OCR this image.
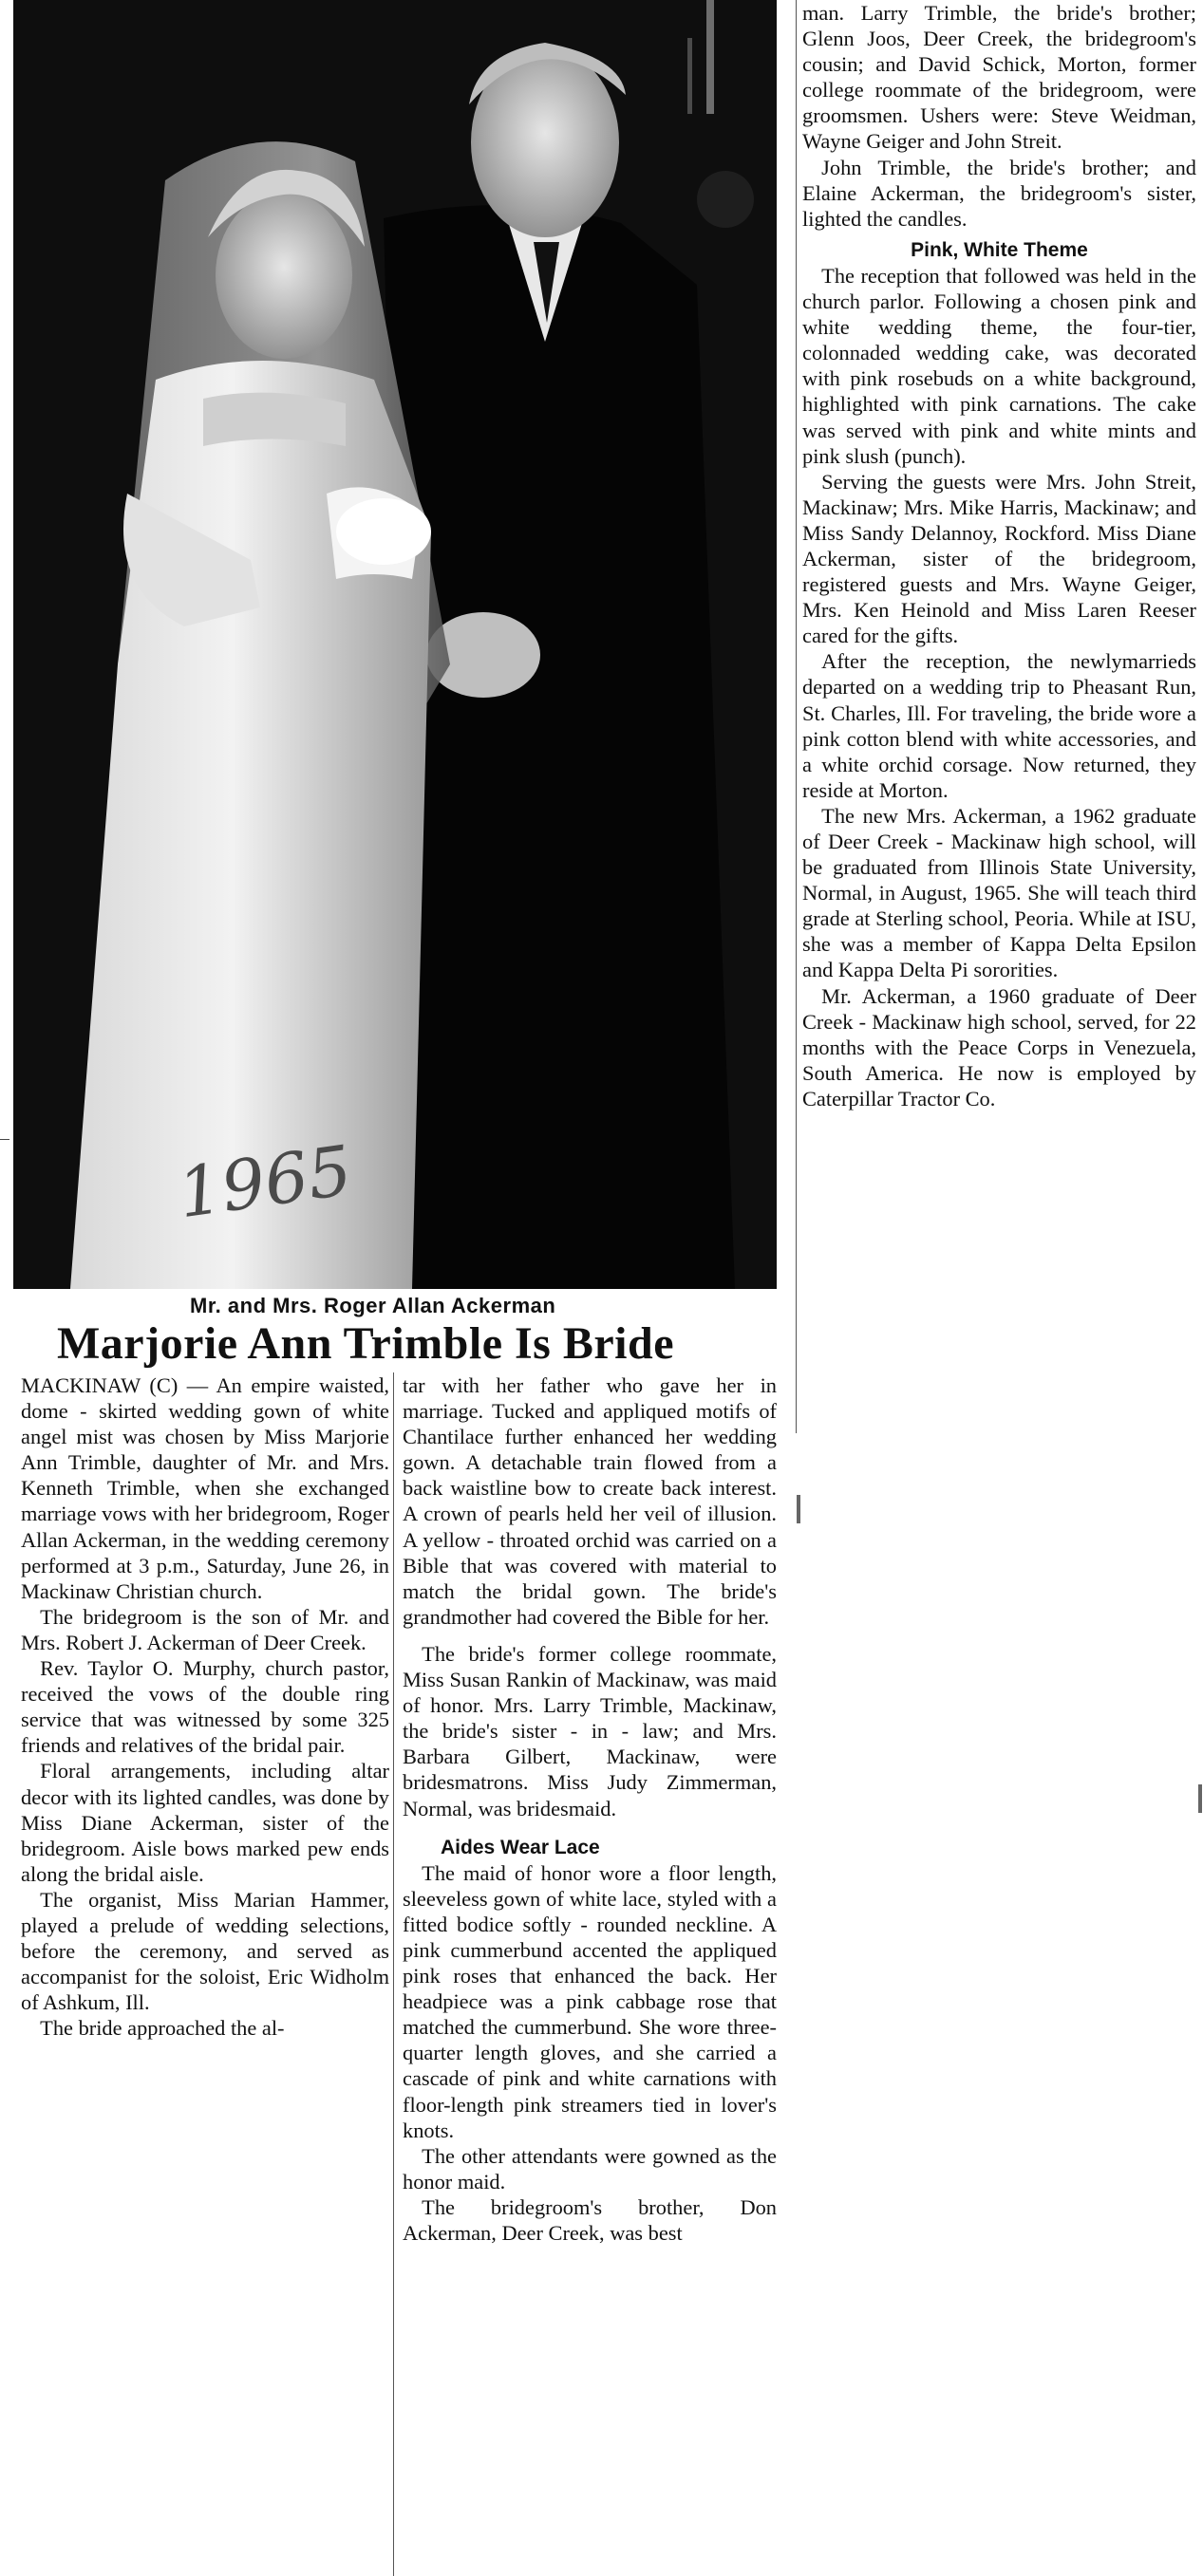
1965
Mr. and Mrs. Roger Allan Ackerman
Marjorie Ann Trimble Is Bride

MACKINAW (C) — An empire waisted, dome - skirted wedding gown of white angel mist was chosen by Miss Marjorie Ann Trimble, daughter of Mr. and Mrs. Kenneth Trimble, when she exchanged marriage vows with her bridegroom, Roger Allan Ackerman, in the wedding ceremony performed at 3 p.m., Saturday, June 26, in Mackinaw Christian church.

The bridegroom is the son of Mr. and Mrs. Robert J. Ackerman of Deer Creek.

Rev. Taylor O. Murphy, church pastor, received the vows of the double ring service that was witnessed by some 325 friends and relatives of the bridal pair.

Floral arrangements, including altar decor with its lighted candles, was done by Miss Diane Ackerman, sister of the bridegroom. Aisle bows marked pew ends along the bridal aisle.

The organist, Miss Marian Hammer, played a prelude of wedding selections, before the ceremony, and served as accompanist for the soloist, Eric Widholm of Ashkum, Ill.

The bride approached the al-

tar with her father who gave her in marriage. Tucked and appliqued motifs of Chantilace further enhanced her wedding gown. A detachable train flowed from a back waistline bow to create back interest. A crown of pearls held her veil of illusion. A yellow - throated orchid was carried on a Bible that was covered with material to match the bridal gown. The bride's grandmother had covered the Bible for her.

The bride's former college roommate, Miss Susan Rankin of Mackinaw, was maid of honor. Mrs. Larry Trimble, Mackinaw, the bride's sister - in - law; and Mrs. Barbara Gilbert, Mackinaw, were bridesmatrons. Miss Judy Zimmerman, Normal, was bridesmaid.

Aides Wear Lace

The maid of honor wore a floor length, sleeveless gown of white lace, styled with a fitted bodice softly - rounded neckline. A pink cummerbund accented the appliqued pink roses that enhanced the back. Her headpiece was a pink cabbage rose that matched the cummerbund. She wore three-quarter length gloves, and she carried a cascade of pink and white carnations with floor-length pink streamers tied in lover's knots.

The other attendants were gowned as the honor maid.

The bridegroom's brother, Don Ackerman, Deer Creek, was best

man. Larry Trimble, the bride's brother; Glenn Joos, Deer Creek, the bridegroom's cousin; and David Schick, Morton, former college roommate of the bridegroom, were groomsmen. Ushers were: Steve Weidman, Wayne Geiger and John Streit.

John Trimble, the bride's brother; and Elaine Ackerman, the bridegroom's sister, lighted the candles.

Pink, White Theme

The reception that followed was held in the church parlor. Following a chosen pink and white wedding theme, the four-tier, colonnaded wedding cake, was decorated with pink rosebuds on a white background, highlighted with pink carnations. The cake was served with pink and white mints and pink slush (punch).

Serving the guests were Mrs. John Streit, Mackinaw; Mrs. Mike Harris, Mackinaw; and Miss Sandy Delannoy, Rockford. Miss Diane Ackerman, sister of the bridegroom, registered guests and Mrs. Wayne Geiger, Mrs. Ken Heinold and Miss Laren Reeser cared for the gifts.

After the reception, the newlymarrieds departed on a wedding trip to Pheasant Run, St. Charles, Ill. For traveling, the bride wore a pink cotton blend with white accessories, and a white orchid corsage. Now returned, they reside at Morton.

The new Mrs. Ackerman, a 1962 graduate of Deer Creek - Mackinaw high school, will be graduated from Illinois State University, Normal, in August, 1965. She will teach third grade at Sterling school, Peoria. While at ISU, she was a member of Kappa Delta Epsilon and Kappa Delta Pi sororities.

Mr. Ackerman, a 1960 graduate of Deer Creek - Mackinaw high school, served, for 22 months with the Peace Corps in Venezuela, South America. He now is employed by Caterpillar Tractor Co.
